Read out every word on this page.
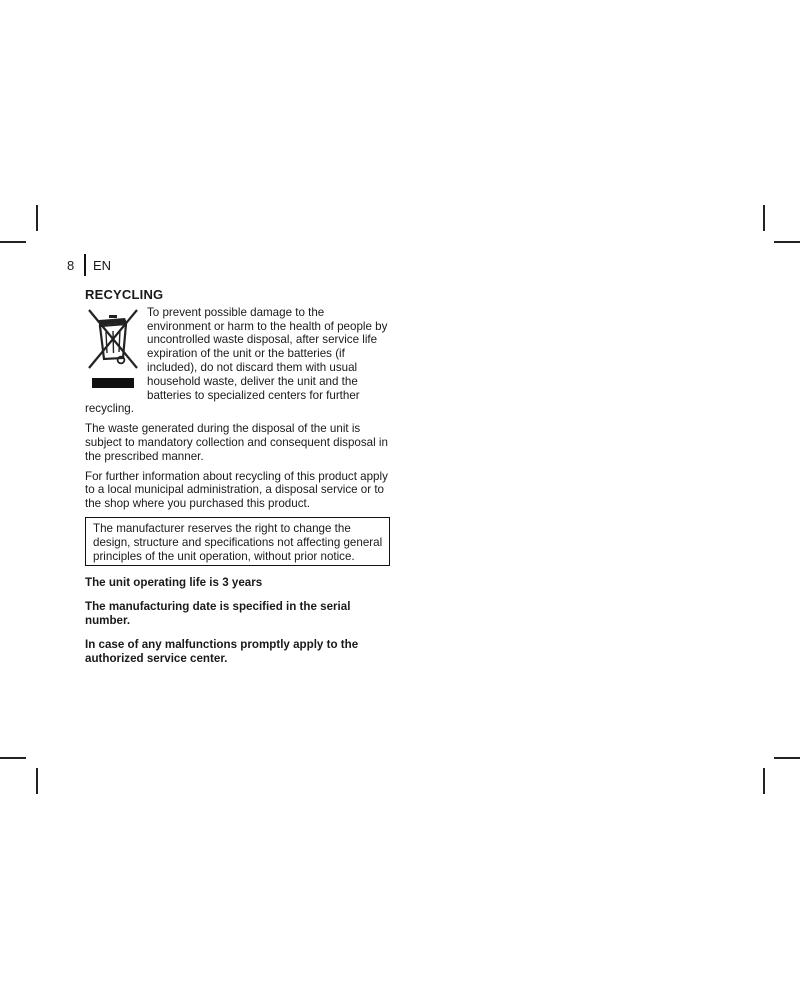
8 EN
RECYCLING
To prevent possible damage to the environment or harm to the health of people by uncontrolled waste disposal, after service life expiration of the unit or the batteries (if included), do not discard them with usual household waste, deliver the unit and the batteries to specialized centers for further recycling.
The waste generated during the disposal of the unit is subject to mandatory collection and consequent disposal in the prescribed manner.
For further information about recycling of this product apply to a local municipal administration, a disposal service or to the shop where you purchased this product.
The manufacturer reserves the right to change the design, structure and specifications not affecting general principles of the unit operation, without prior notice.
The unit operating life is 3 years
The manufacturing date is specified in the serial number.
In case of any malfunctions promptly apply to the authorized service center.
